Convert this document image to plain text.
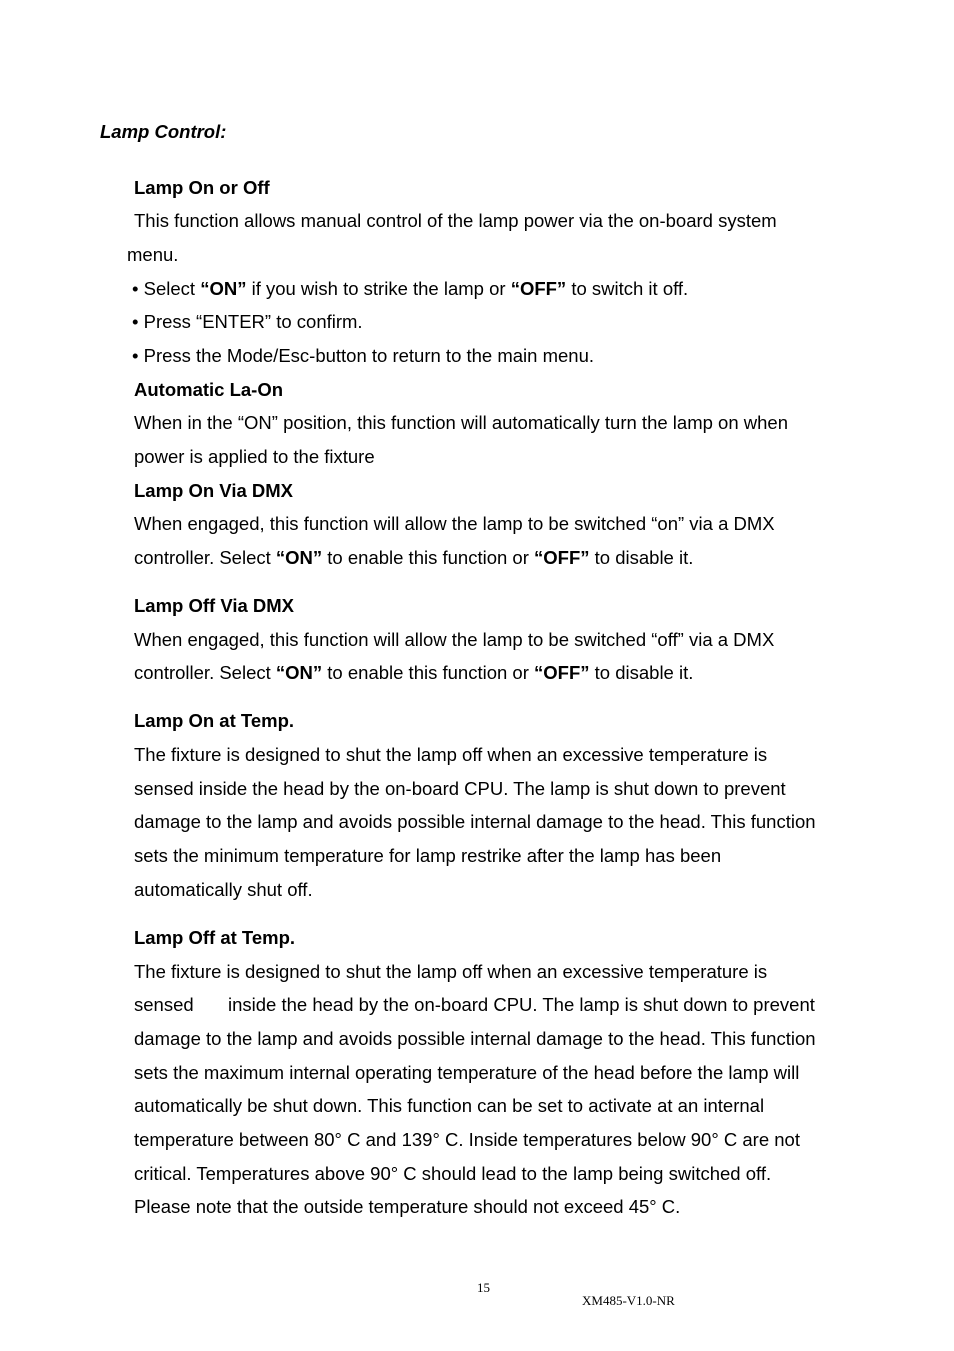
Lamp Control:
Lamp On or Off
This function allows manual control of the lamp power via the on-board system
menu.
• Select “ON” if you wish to strike the lamp or “OFF” to switch it off.
• Press “ENTER” to confirm.
• Press the Mode/Esc-button to return to the main menu.
Automatic La-On
When in the “ON” position, this function will automatically turn the lamp on when
power is applied to the fixture
Lamp On Via DMX
When engaged, this function will allow the lamp to be switched “on” via a DMX
controller. Select “ON” to enable this function or “OFF” to disable it.
Lamp Off Via DMX
When engaged, this function will allow the lamp to be switched “off” via a DMX
controller. Select “ON” to enable this function or “OFF” to disable it.
Lamp On at Temp.
The fixture is designed to shut the lamp off when an excessive temperature is
sensed inside the head by the on-board CPU. The lamp is shut down to prevent
damage to the lamp and avoids possible internal damage to the head. This function
sets the minimum temperature for lamp restrike after the lamp has been
automatically shut off.
Lamp Off at Temp.
The fixture is designed to shut the lamp off when an excessive temperature is
sensed inside the head by the on-board CPU. The lamp is shut down to prevent
damage to the lamp and avoids possible internal damage to the head. This function
sets the maximum internal operating temperature of the head before the lamp will
automatically be shut down. This function can be set to activate at an internal
temperature between 80° C and 139° C. Inside temperatures below 90° C are not
critical. Temperatures above 90° C should lead to the lamp being switched off.
Please note that the outside temperature should not exceed 45° C.
15
XM485-V1.0-NR
